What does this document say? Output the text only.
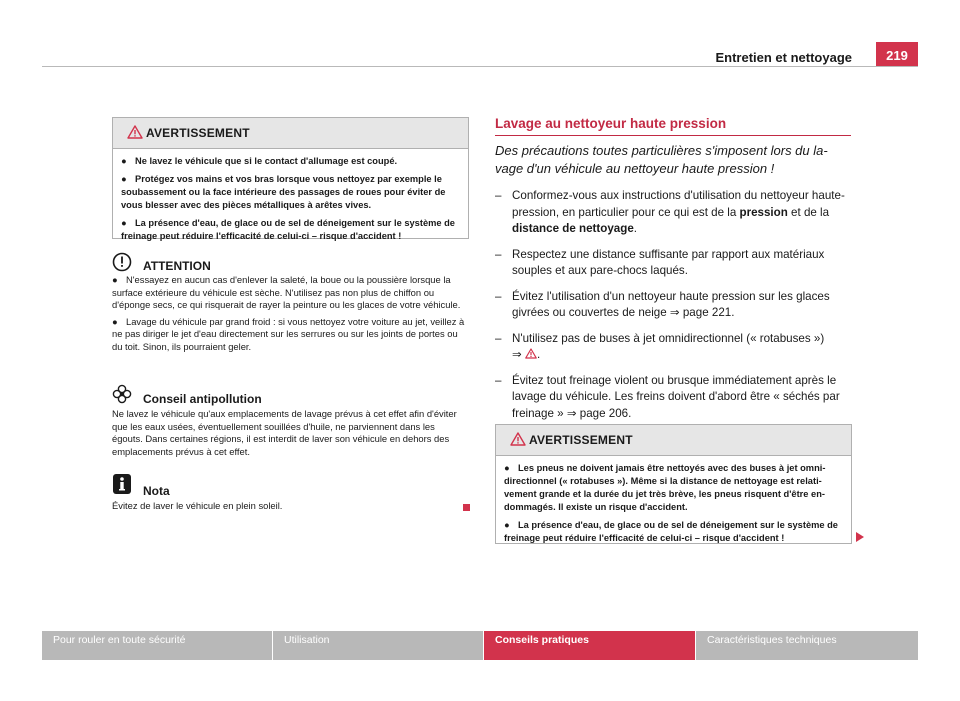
Entretien et nettoyage	219
AVERTISSEMENT

● Ne lavez le véhicule que si le contact d'allumage est coupé.

● Protégez vos mains et vos bras lorsque vous nettoyez par exemple le soubassement ou la face intérieure des passages de roues pour éviter de vous blesser avec des pièces métalliques à arêtes vives.

● La présence d'eau, de glace ou de sel de déneigement sur le système de freinage peut réduire l'efficacité de celui-ci – risque d'accident !

ATTENTION

● N'essayez en aucun cas d'enlever la saleté, la boue ou la poussière lorsque la surface extérieure du véhicule est sèche. N'utilisez pas non plus de chiffon ou d'éponge secs, ce qui risquerait de rayer la peinture ou les glaces de votre véhicule.

● Lavage du véhicule par grand froid : si vous nettoyez votre voiture au jet, veillez à ne pas diriger le jet d'eau directement sur les serrures ou sur les joints de portes ou du toit. Sinon, ils pourraient geler.

Conseil antipollution
Ne lavez le véhicule qu'aux emplacements de lavage prévus à cet effet afin d'éviter que les eaux usées, éventuellement souillées d'huile, ne parviennent dans les égouts. Dans certaines régions, il est interdit de laver son véhicule en dehors des emplacements prévus à cet effet.
Nota
Évitez de laver le véhicule en plein soleil.
Lavage au nettoyeur haute pression
Des précautions toutes particulières s'imposent lors du lavage d'un véhicule au nettoyeur haute pression !
– Conformez-vous aux instructions d'utilisation du nettoyeur haute-pression, en particulier pour ce qui est de la pression et de la distance de nettoyage.
– Respectez une distance suffisante par rapport aux matériaux souples et aux pare-chocs laqués.
– Évitez l'utilisation d'un nettoyeur haute pression sur les glaces givrées ou couvertes de neige ⇒ page 221.
– N'utilisez pas de buses à jet omnidirectionnel (« rotabuses »)
⇒ .
– Évitez tout freinage violent ou brusque immédiatement après le lavage du véhicule. Les freins doivent d'abord être « séchés par freinage » ⇒ page 206.
AVERTISSEMENT

● Les pneus ne doivent jamais être nettoyés avec des buses à jet omnidirectionnel (« rotabuses »). Même si la distance de nettoyage est relativement grande et la durée du jet très brève, les pneus risquent d'être endommagés. Il existe un risque d'accident.

● La présence d'eau, de glace ou de sel de déneigement sur le système de freinage peut réduire l'efficacité de celui-ci – risque d'accident !

Pour rouler en toute sécurité	Utilisation	Conseils pratiques	Caractéristiques techniques
